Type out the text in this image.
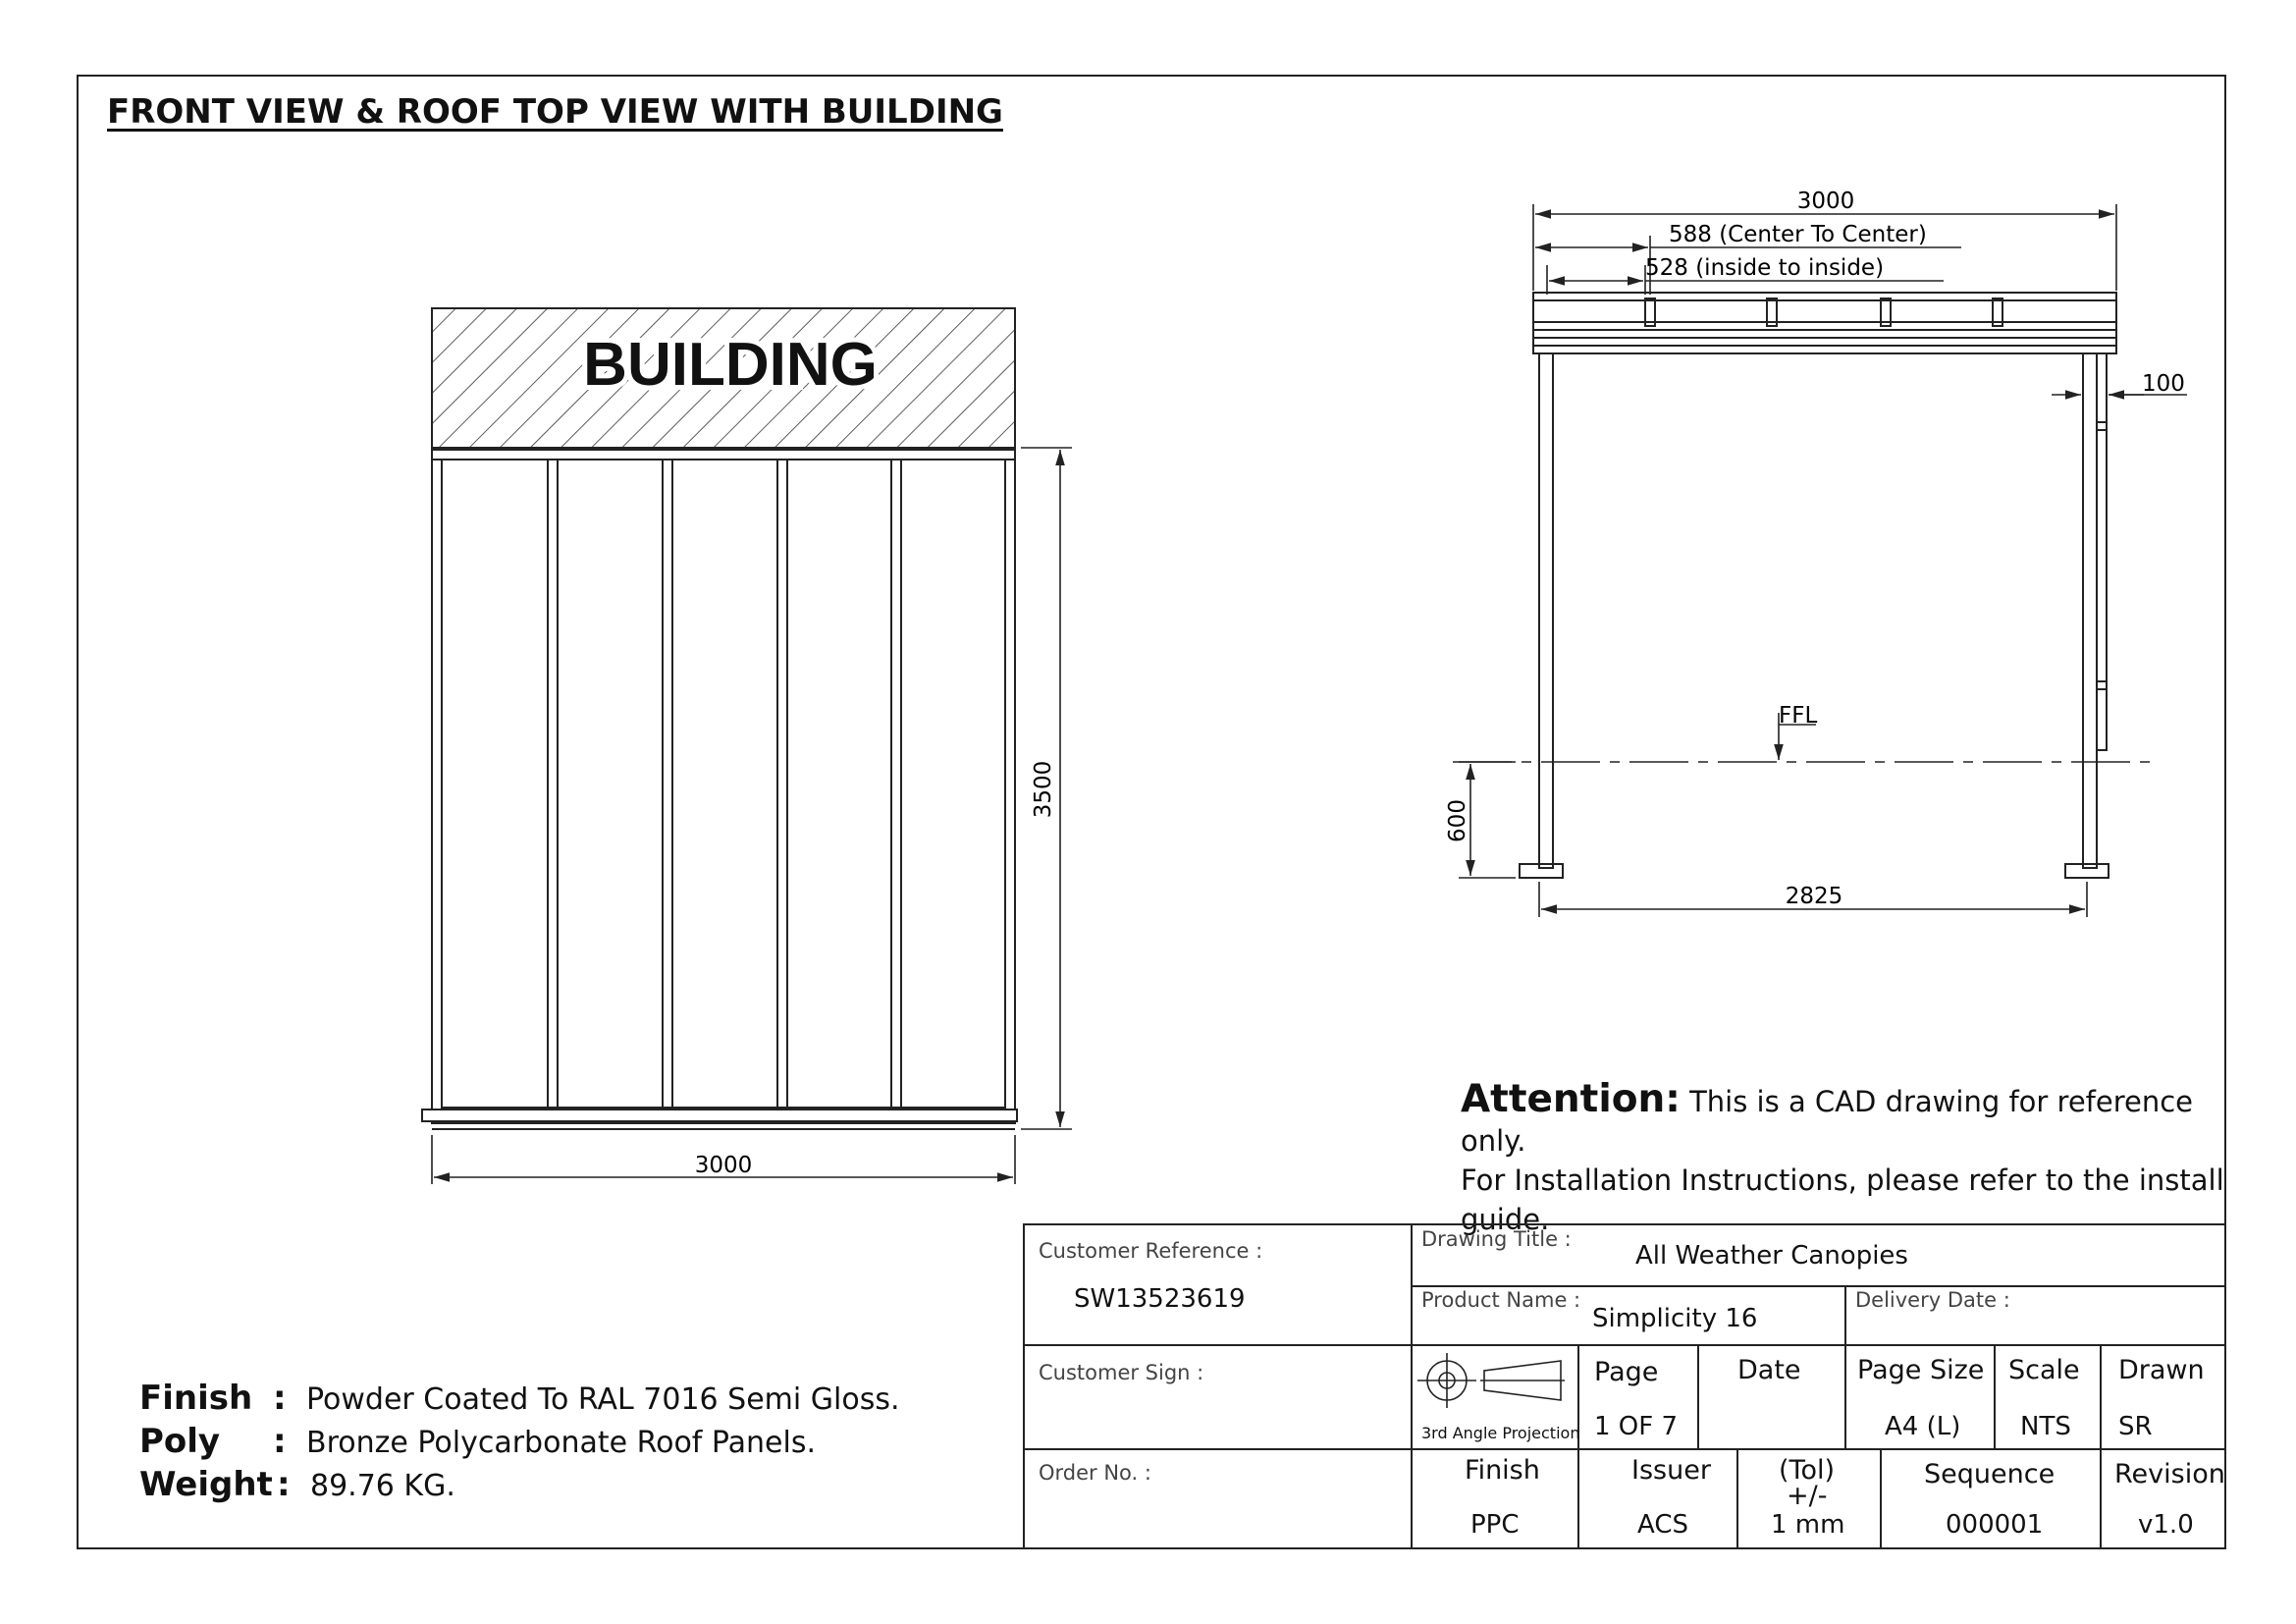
FRONT VIEW & ROOF TOP VIEW WITH BUILDING
BUILDING
3000
3500
3000
588 (Center To Center)
528 (inside to inside)
100
FFL
600
2825
Attention: This is a CAD drawing for reference only.
For Installation Instructions, please refer to the install guide.
Finish : Powder Coated To RAL 7016 Semi Gloss.
Poly : Bronze Polycarbonate Roof Panels.
Weight : 89.76 KG.
Customer Reference :
SW13523619
Drawing Title :
All Weather Canopies
Product Name :
Simplicity 16
Delivery Date :
Customer Sign :
3rd Angle Projection
Page
1 OF 7
Date Page Size
A4 (L)
Scale
NTS
Drawn
SR
Order No. :	Finish
PPC
Issuer
ACS
(Tol)
+/-
1 mm
Sequence
000001
Revision
v1.0
